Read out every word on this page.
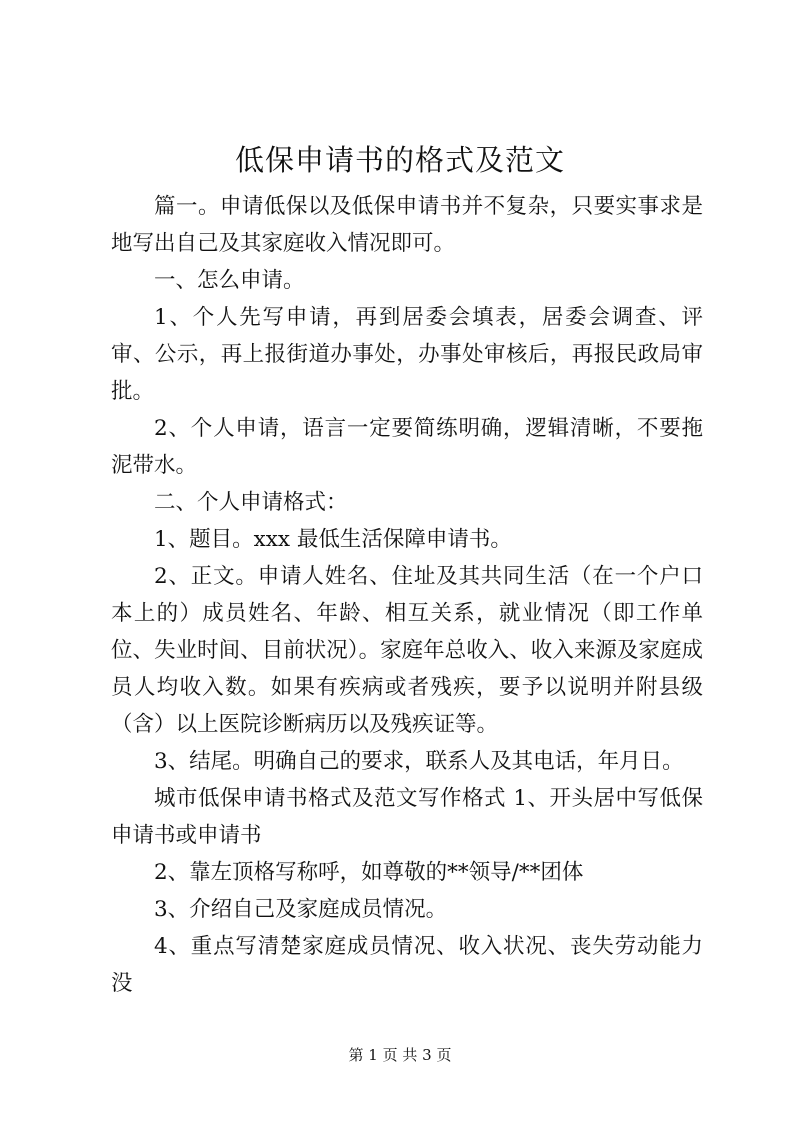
低保申请书的格式及范文

篇一。申请低保以及低保申请书并不复杂，只要实事求是地写出自己及其家庭收入情况即可。

一、怎么申请。

1、个人先写申请，再到居委会填表，居委会调查、评审、公示，再上报街道办事处，办事处审核后，再报民政局审批。

2、个人申请，语言一定要简练明确，逻辑清晰，不要拖泥带水。

二、个人申请格式：

1、题目。xxx 最低生活保障申请书。

2、正文。申请人姓名、住址及其共同生活（在一个户口本上的）成员姓名、年龄、相互关系，就业情况（即工作单位、失业时间、目前状况）。家庭年总收入、收入来源及家庭成员人均收入数。如果有疾病或者残疾，要予以说明并附县级（含）以上医院诊断病历以及残疾证等。

3、结尾。明确自己的要求，联系人及其电话，年月日。

城市低保申请书格式及范文写作格式 1、开头居中写低保申请书或申请书

2、靠左顶格写称呼，如尊敬的**领导/**团体

3、介绍自己及家庭成员情况。

4、重点写清楚家庭成员情况、收入状况、丧失劳动能力没

第 1 页 共 3 页
